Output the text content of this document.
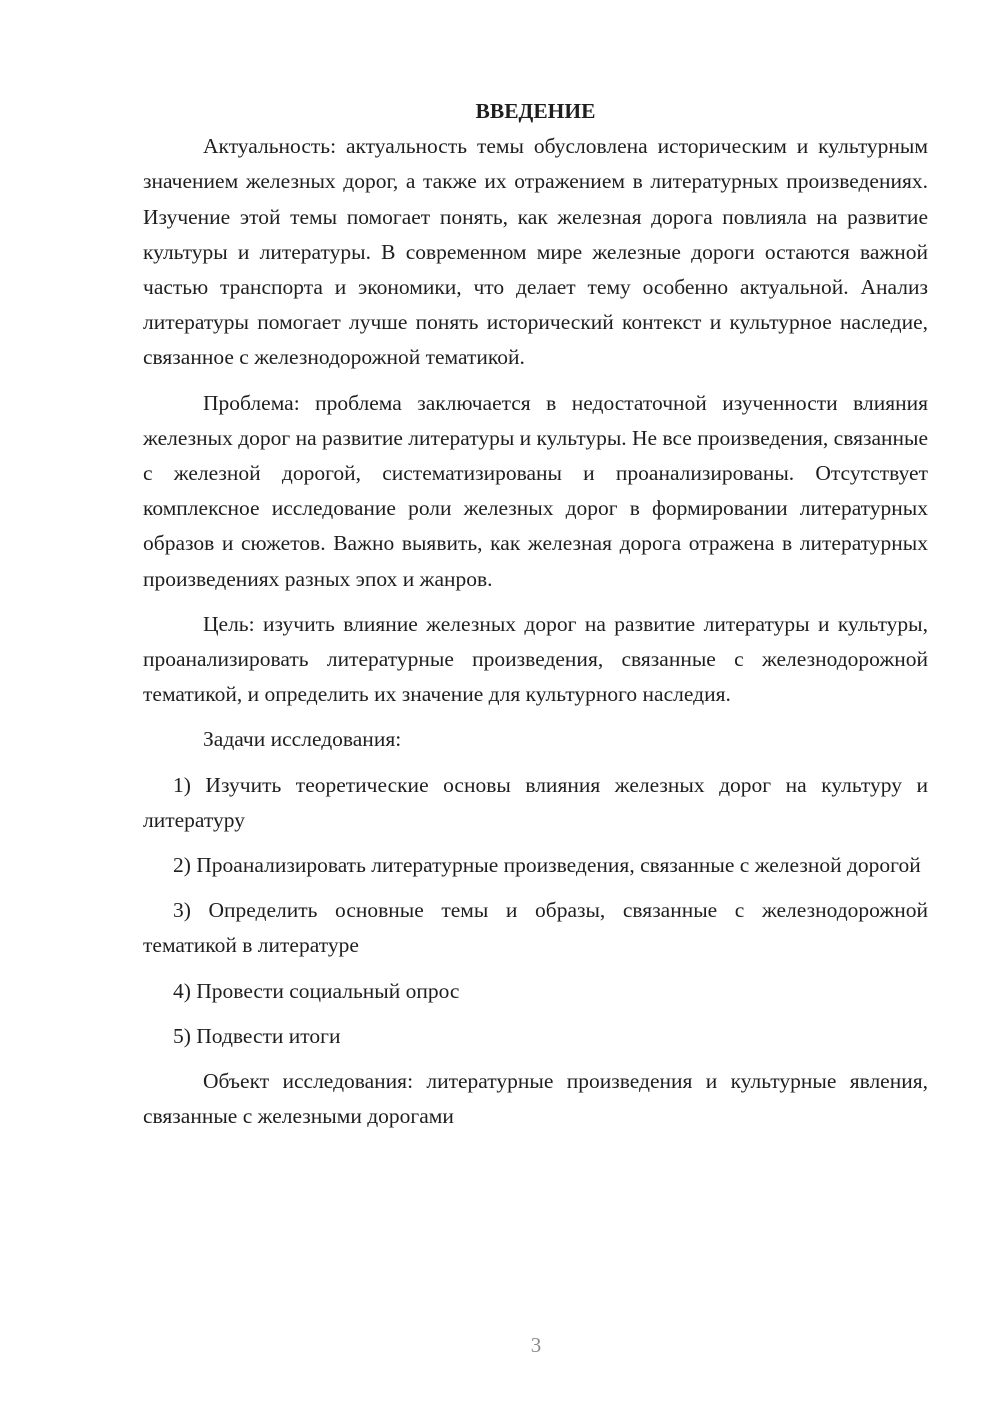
ВВЕДЕНИЕ

Актуальность: актуальность темы обусловлена историческим и культурным значением железных дорог, а также их отражением в литературных произведениях. Изучение этой темы помогает понять, как железная дорога повлияла на развитие культуры и литературы. В современном мире железные дороги остаются важной частью транспорта и экономики, что делает тему особенно актуальной. Анализ литературы помогает лучше понять исторический контекст и культурное наследие, связанное с железнодорожной тематикой.

Проблема: проблема заключается в недостаточной изученности влияния железных дорог на развитие литературы и культуры. Не все произведения, связанные с железной дорогой, систематизированы и проанализированы. Отсутствует комплексное исследование роли железных дорог в формировании литературных образов и сюжетов. Важно выявить, как железная дорога отражена в литературных произведениях разных эпох и жанров.

Цель: изучить влияние железных дорог на развитие литературы и культуры, проанализировать литературные произведения, связанные с железнодорожной тематикой, и определить их значение для культурного наследия.

Задачи исследования:

1) Изучить теоретические основы влияния железных дорог на культуру и литературу

2) Проанализировать литературные произведения, связанные с железной дорогой

3) Определить основные темы и образы, связанные с железнодорожной тематикой в литературе

4) Провести социальный опрос

5) Подвести итоги

Объект исследования: литературные произведения и культурные явления, связанные с железными дорогами

3
